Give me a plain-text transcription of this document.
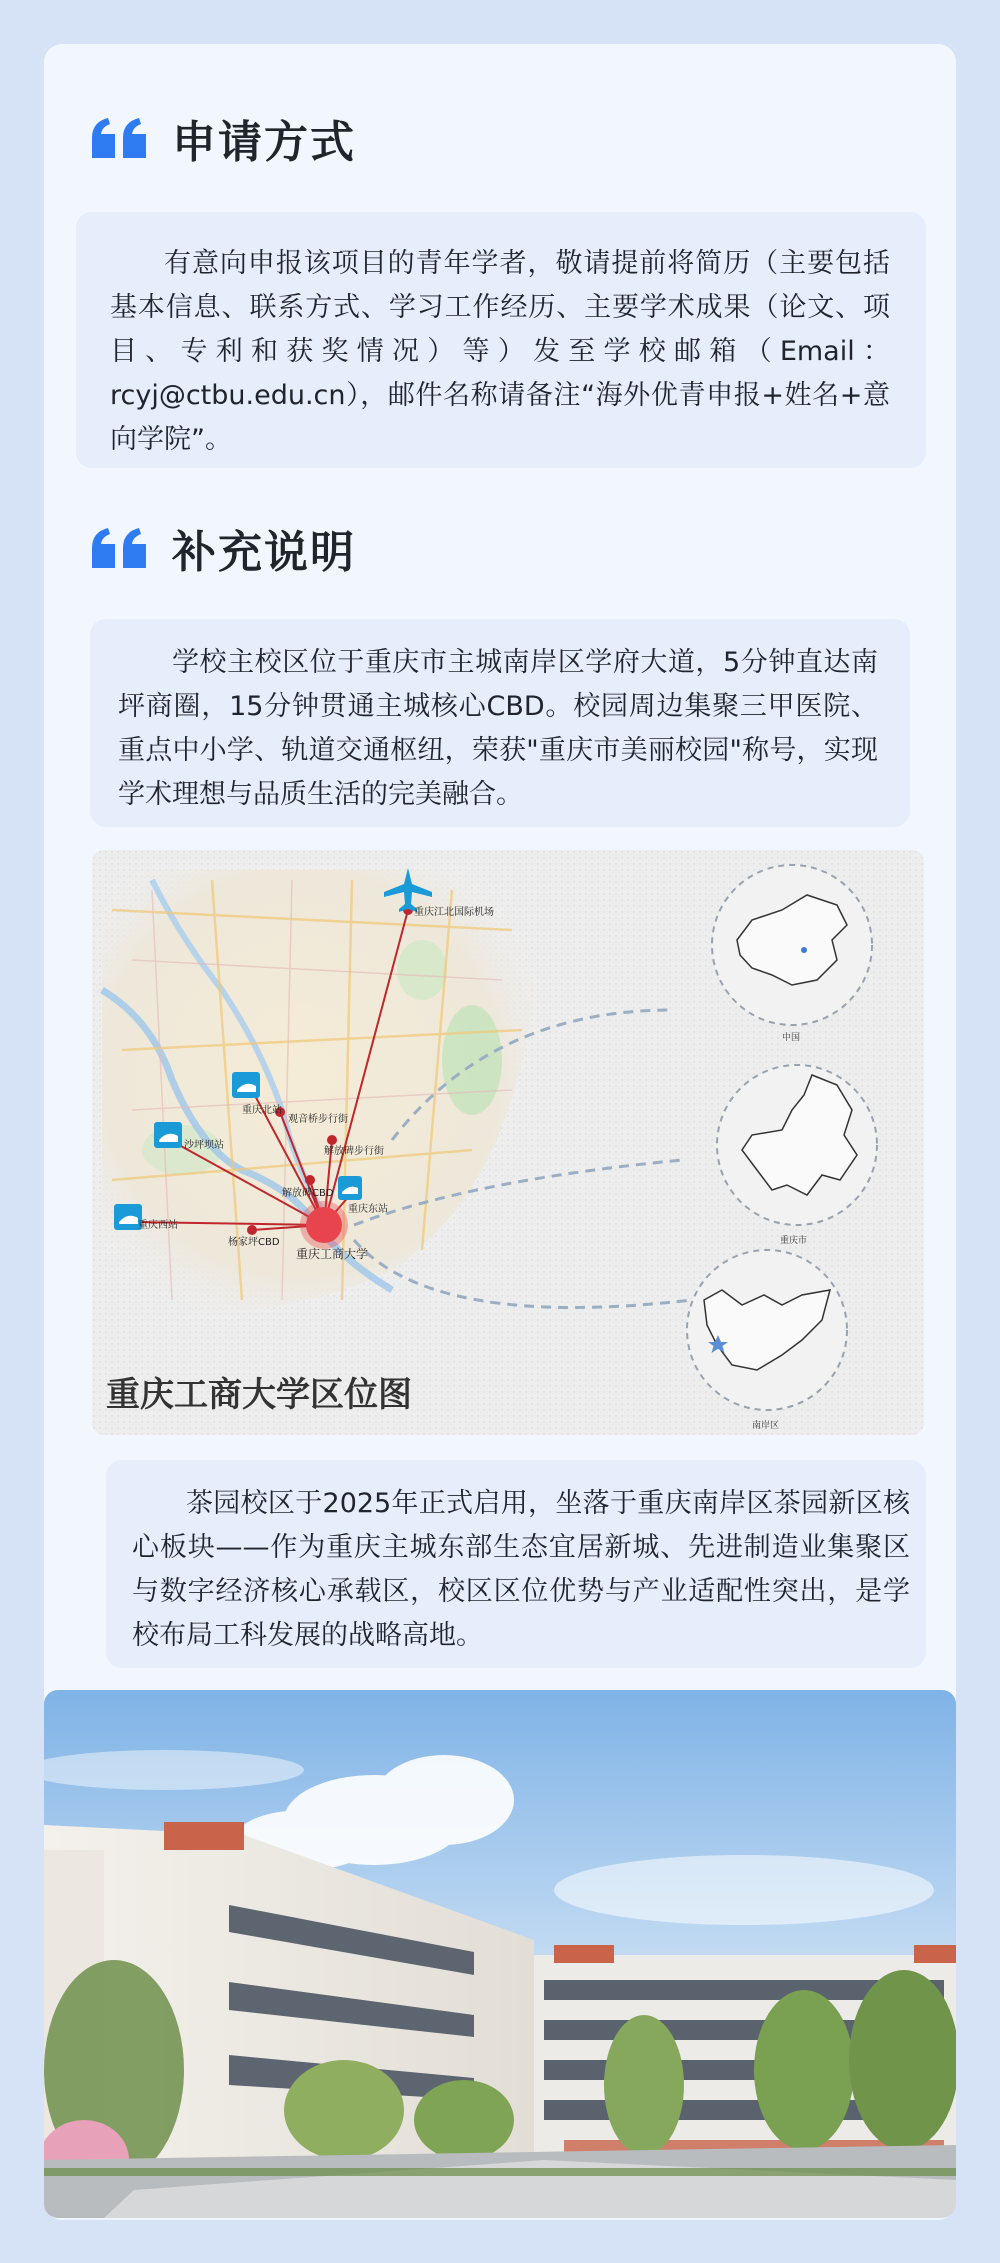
申请方式
有意向申报该项目的青年学者，敬请提前将简历（主要包括基本信息、联系方式、学习工作经历、主要学术成果（论文、项目、专利和获奖情况）等）发至学校邮箱（Email：rcyj@ctbu.edu.cn），邮件名称请备注“海外优青申报+姓名+意向学院”。
补充说明
学校主校区位于重庆市主城南岸区学府大道，5分钟直达南坪商圈，15分钟贯通主城核心CBD。校园周边集聚三甲医院、重点中小学、轨道交通枢纽，荣获"重庆市美丽校园"称号，实现学术理想与品质生活的完美融合。
重庆江北国际机场
重庆北站
沙坪坝站
重庆西站
观音桥步行街
解放碑步行街
解放碑CBD
杨家坪CBD
重庆东站
重庆工商大学
中国
重庆市
南岸区
重庆工商大学区位图
茶园校区于2025年正式启用，坐落于重庆南岸区茶园新区核心板块——作为重庆主城东部生态宜居新城、先进制造业集聚区与数字经济核心承载区，校区区位优势与产业适配性突出，是学校布局工科发展的战略高地。
